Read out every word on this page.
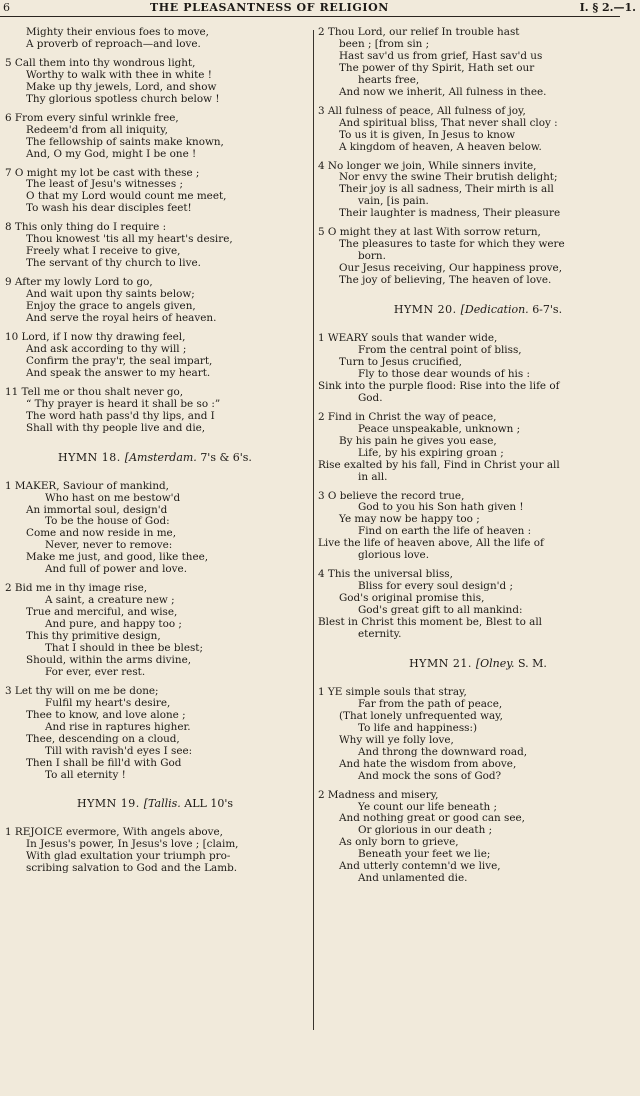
6	THE PLEASANTNESS OF RELIGION	I. § 2.—1.
Mighty their envious foes to move,
A proverb of reproach—and love.
5 Call them into thy wondrous light,
Worthy to walk with thee in white !
Make up thy jewels, Lord, and show
Thy glorious spotless church below !
6 From every sinful wrinkle free,
Redeem'd from all iniquity,
The fellowship of saints make known,
And, O my God, might I be one !
7 O might my lot be cast with these ;
The least of Jesu's witnesses ;
O that my Lord would count me meet,
To wash his dear disciples feet!
8 This only thing do I require :
Thou knowest 'tis all my heart's desire,
Freely what I receive to give,
The servant of thy church to live.
9 After my lowly Lord to go,
And wait upon thy saints below;
Enjoy the grace to angels given,
And serve the royal heirs of heaven.
10 Lord, if I now thy drawing feel,
And ask according to thy will ;
Confirm the pray'r, the seal impart,
And speak the answer to my heart.
11 Tell me or thou shalt never go,
“ Thy prayer is heard it shall be so :”
The word hath pass'd thy lips, and I
Shall with thy people live and die,
HYMN 18. [Amsterdam. 7's & 6's.
1 MAKER, Saviour of mankind,
Who hast on me bestow'd
An immortal soul, design'd
To be the house of God:
Come and now reside in me,
Never, never to remove:
Make me just, and good, like thee,
And full of power and love.
2 Bid me in thy image rise,
A saint, a creature new ;
True and merciful, and wise,
And pure, and happy too ;
This thy primitive design,
That I should in thee be blest;
Should, within the arms divine,
For ever, ever rest.
3 Let thy will on me be done;
Fulfil my heart's desire,
Thee to know, and love alone ;
And rise in raptures higher.
Thee, descending on a cloud,
Till with ravish'd eyes I see:
Then I shall be fill'd with God
To all eternity !
HYMN 19. [Tallis. ALL 10's
1 REJOICE evermore, With angels above,
In Jesus's power, In Jesus's love ; [claim,
With glad exultation your triumph pro-
scribing salvation to God and the Lamb.
2 Thou Lord, our relief In trouble hast
been ; [from sin ;
Hast sav'd us from grief, Hast sav'd us
The power of thy Spirit, Hath set our
hearts free,
And now we inherit, All fulness in thee.
3 All fulness of peace, All fulness of joy,
And spiritual bliss, That never shall cloy :
To us it is given, In Jesus to know
A kingdom of heaven, A heaven below.
4 No longer we join, While sinners invite,
Nor envy the swine Their brutish delight;
Their joy is all sadness, Their mirth is all
vain, [is pain.
Their laughter is madness, Their pleasure
5 O might they at last With sorrow return,
The pleasures to taste for which they were
born.
Our Jesus receiving, Our happiness prove,
The joy of believing, The heaven of love.
HYMN 20. [Dedication. 6-7's.
1 WEARY souls that wander wide,
From the central point of bliss,
Turn to Jesus crucified,
Fly to those dear wounds of his :
Sink into the purple flood: Rise into the life of
God.
2 Find in Christ the way of peace,
Peace unspeakable, unknown ;
By his pain he gives you ease,
Life, by his expiring groan ;
Rise exalted by his fall, Find in Christ your all
in all.
3 O believe the record true,
God to you his Son hath given !
Ye may now be happy too ;
Find on earth the life of heaven :
Live the life of heaven above, All the life of
glorious love.
4 This the universal bliss,
Bliss for every soul design'd ;
God's original promise this,
God's great gift to all mankind:
Blest in Christ this moment be, Blest to all
eternity.
HYMN 21. [Olney. S. M.
1 YE simple souls that stray,
Far from the path of peace,
(That lonely unfrequented way,
To life and happiness:)
Why will ye folly love,
And throng the downward road,
And hate the wisdom from above,
And mock the sons of God?
2 Madness and misery,
Ye count our life beneath ;
And nothing great or good can see,
Or glorious in our death ;
As only born to grieve,
Beneath your feet we lie;
And utterly contemn'd we live,
And unlamented die.
